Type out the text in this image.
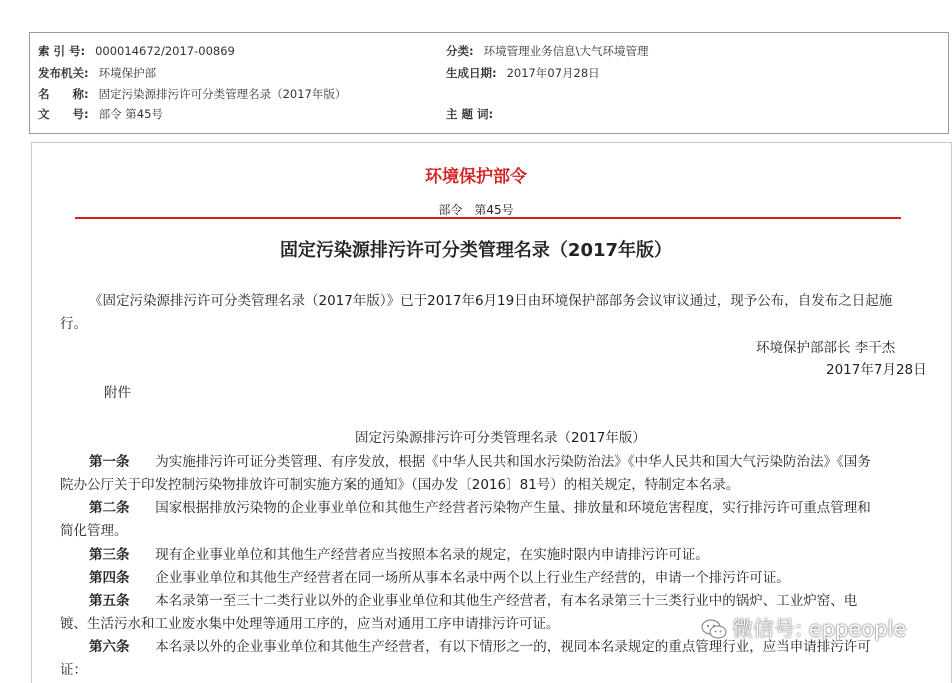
索 引 号: 000014672/2017-00869	分类: 环境管理业务信息\大气环境管理
发布机关: 环境保护部	生成日期: 2017年07月28日
名　　称: 固定污染源排污许可分类管理名录（2017年版）
文　　号: 部令 第45号	主 题 词:
环境保护部令
部令　第45号
固定污染源排污许可分类管理名录（2017年版）
《固定污染源排污许可分类管理名录（2017年版）》已于2017年6月19日由环境保护部部务会议审议通过，现予公布，自发布之日起施
行。
环境保护部部长 李干杰
2017年7月28日
附件
固定污染源排污许可分类管理名录（2017年版）
第一条 为实施排污许可证分类管理、有序发放，根据《中华人民共和国水污染防治法》《中华人民共和国大气污染防治法》《国务
院办公厅关于印发控制污染物排放许可制实施方案的通知》（国办发〔2016〕81号）的相关规定，特制定本名录。
第二条 国家根据排放污染物的企业事业单位和其他生产经营者污染物产生量、排放量和环境危害程度，实行排污许可重点管理和
简化管理。
第三条 现有企业事业单位和其他生产经营者应当按照本名录的规定，在实施时限内申请排污许可证。
第四条 企业事业单位和其他生产经营者在同一场所从事本名录中两个以上行业生产经营的，申请一个排污许可证。
第五条 本名录第一至三十二类行业以外的企业事业单位和其他生产经营者，有本名录第三十三类行业中的锅炉、工业炉窑、电
镀、生活污水和工业废水集中处理等通用工序的，应当对通用工序申请排污许可证。
第六条 本名录以外的企业事业单位和其他生产经营者，有以下情形之一的，视同本名录规定的重点管理行业，应当申请排污许可
证：
微信号: eppeople
